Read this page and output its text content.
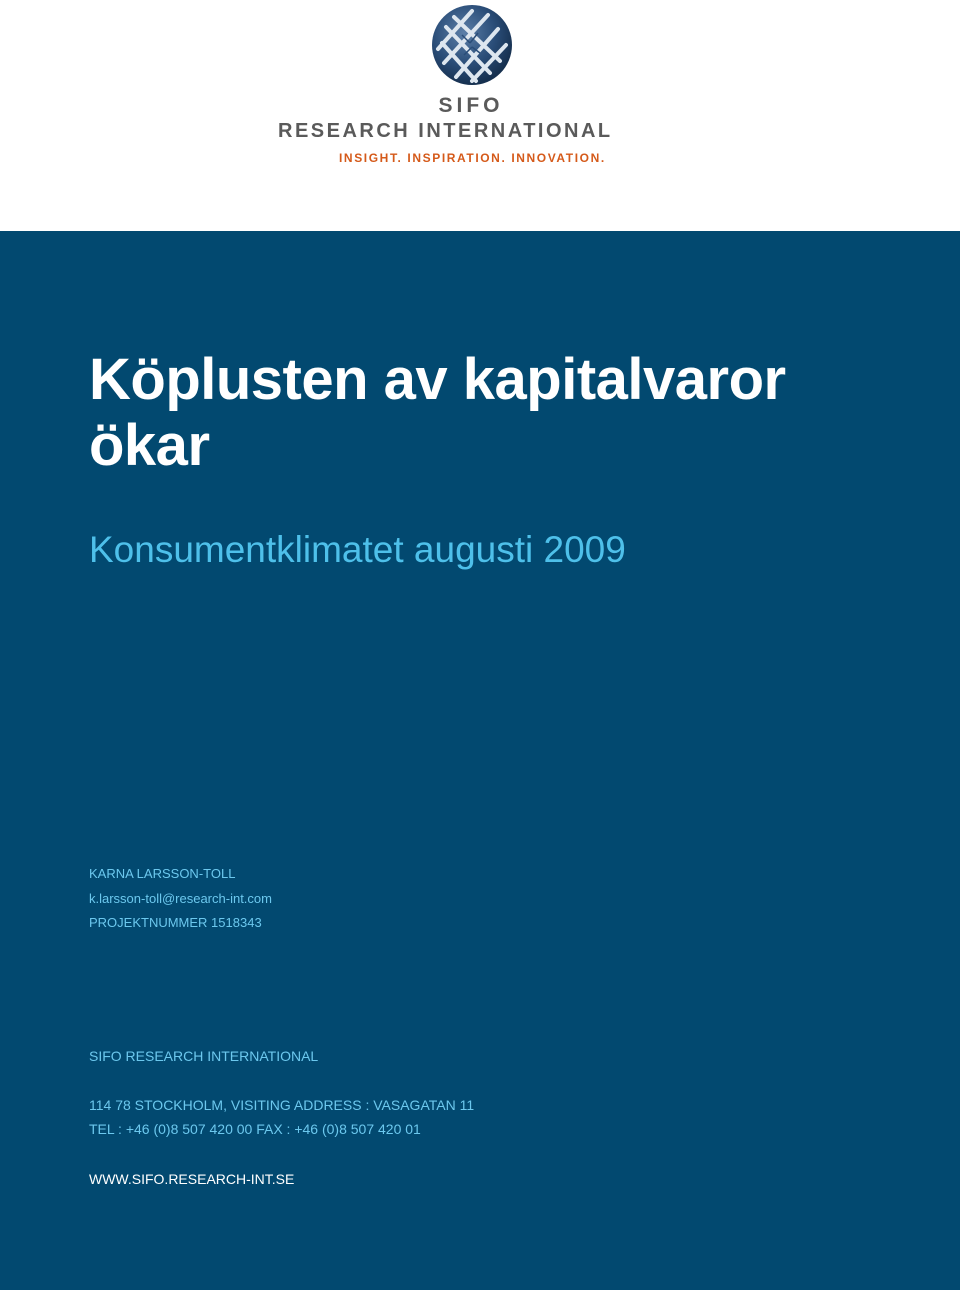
SIFO
RESEARCH INTERNATIONAL
INSIGHT. INSPIRATION. INNOVATION.
Köplusten av kapitalvaror ökar
Konsumentklimatet augusti 2009
KARNA LARSSON-TOLL
k.larsson-toll@research-int.com
PROJEKTNUMMER 1518343
SIFO RESEARCH INTERNATIONAL
114 78 STOCKHOLM, VISITING ADDRESS : VASAGATAN 11
TEL : +46 (0)8 507 420 00 FAX : +46 (0)8 507 420 01
WWW.SIFO.RESEARCH-INT.SE
